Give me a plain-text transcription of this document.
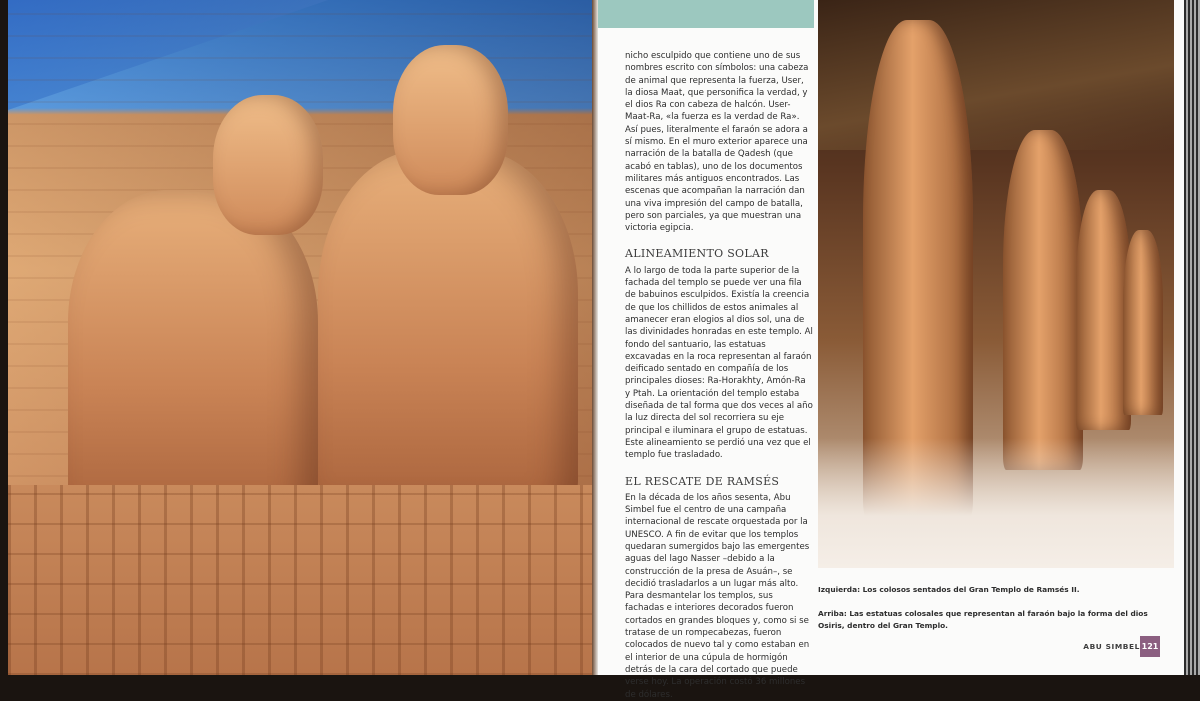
nicho esculpido que contiene uno de sus nombres escrito con símbolos: una cabeza de animal que representa la fuerza, User, la diosa Maat, que personifica la verdad, y el dios Ra con cabeza de halcón. User-Maat-Ra, «la fuerza es la verdad de Ra». Así pues, literalmente el faraón se adora a sí mismo. En el muro exterior aparece una narración de la batalla de Qadesh (que acabó en tablas), uno de los documentos militares más antiguos encontrados. Las escenas que acompañan la narración dan una viva impresión del campo de batalla, pero son parciales, ya que muestran una victoria egipcia.

ALINEAMIENTO SOLAR

A lo largo de toda la parte superior de la fachada del templo se puede ver una fila de babuinos esculpidos. Existía la creencia de que los chillidos de estos animales al amanecer eran elogios al dios sol, una de las divinidades honradas en este templo. Al fondo del santuario, las estatuas excavadas en la roca representan al faraón deificado sentado en compañía de los principales dioses: Ra-Horakhty, Amón-Ra y Ptah. La orientación del templo estaba diseñada de tal forma que dos veces al año la luz directa del sol recorriera su eje principal e iluminara el grupo de estatuas. Este alineamiento se perdió una vez que el templo fue trasladado.

EL RESCATE DE RAMSÉS

En la década de los años sesenta, Abu Simbel fue el centro de una campaña internacional de rescate orquestada por la UNESCO. A fin de evitar que los templos quedaran sumergidos bajo las emergentes aguas del lago Nasser –debido a la construcción de la presa de Asuán–, se decidió trasladarlos a un lugar más alto. Para desmantelar los templos, sus fachadas e interiores decorados fueron cortados en grandes bloques y, como si se tratase de un rompecabezas, fueron colocados de nuevo tal y como estaban en el interior de una cúpula de hormigón detrás de la cara del cortado que puede verse hoy. La operación costó 36 millones de dólares.

Izquierda: Los colosos sentados del Gran Templo de Ramsés II.
Arriba: Las estatuas colosales que representan al faraón bajo la forma del dios Osiris, dentro del Gran Templo.
ABU SIMBEL 121
